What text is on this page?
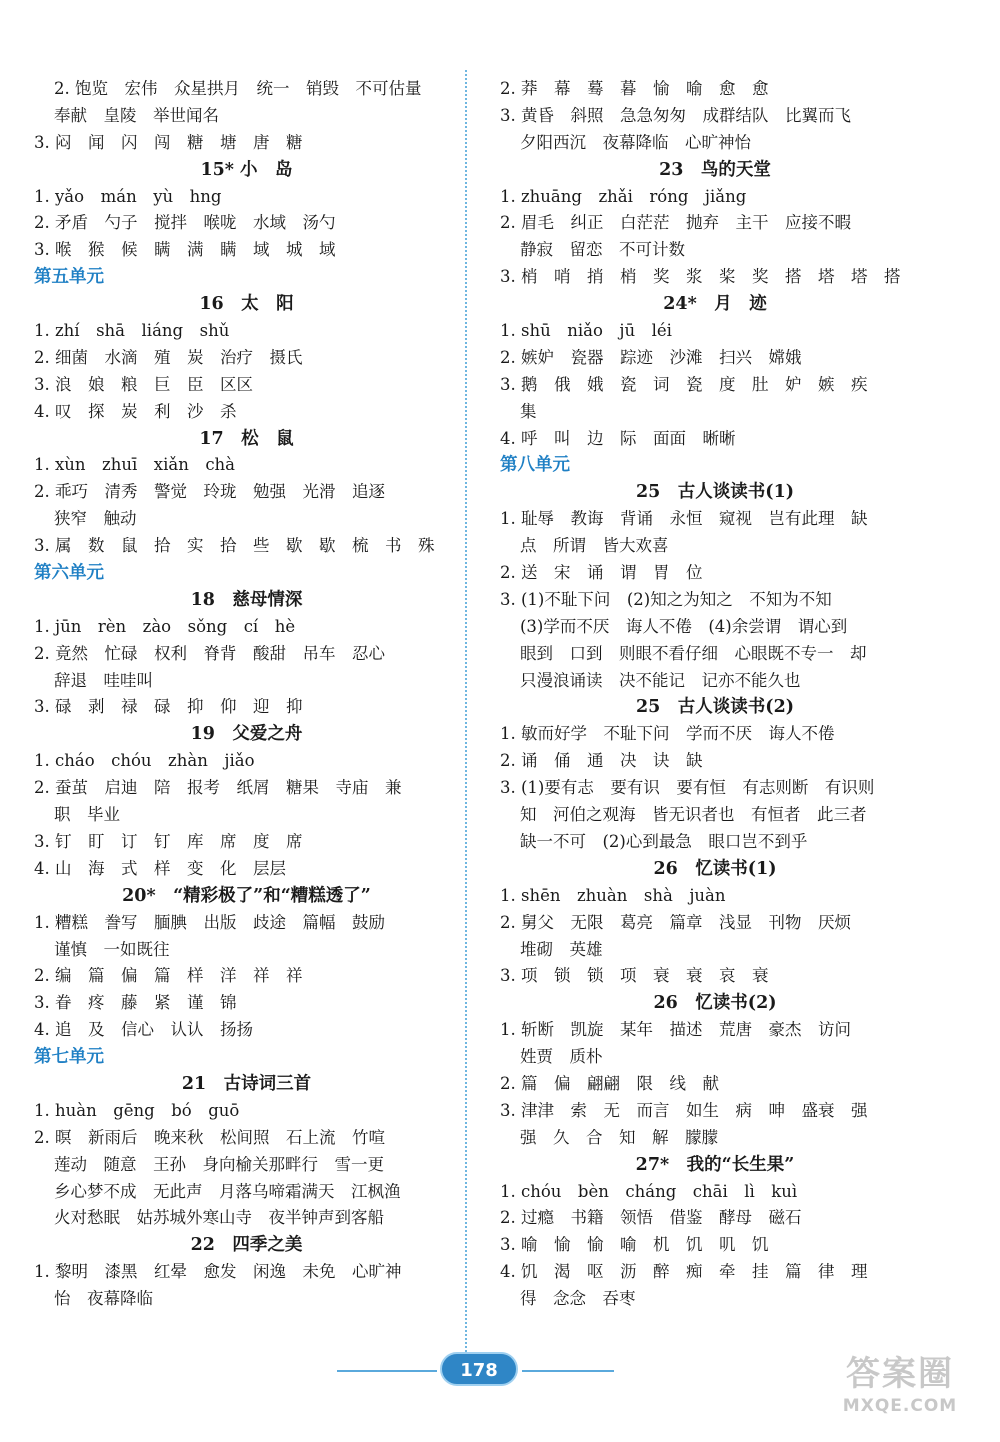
2. 饱览　宏伟　众星拱月　统一　销毁　不可估量
奉献　皇陵　举世闻名
3. 闷　闻　闪　闯　糖　塘　唐　糖
15* 小　岛
1. yǎo　mán　yù　hng
2. 矛盾　勺子　搅拌　喉咙　水域　汤勺
3. 喉　猴　候　瞒　满　瞒　域　城　域
第五单元
16　太　阳
1. zhí　shā　liáng　shǔ
2. 细菌　水滴　殖　炭　治疗　摄氏
3. 浪　娘　粮　巨　臣　区区
4. 叹　探　炭　利　沙　杀
17　松　鼠
1. xùn　zhuī　xiǎn　chà
2. 乖巧　清秀　警觉　玲珑　勉强　光滑　追逐
狭窄　触动
3. 属　数　鼠　拾　实　拾　些　歇　歇　梳　书　殊
第六单元
18　慈母情深
1. jūn　rèn　zào　sǒng　cí　hè
2. 竟然　忙碌　权利　脊背　酸甜　吊车　忍心
辞退　哇哇叫
3. 碌　剥　禄　碌　抑　仰　迎　抑
19　父爱之舟
1. cháo　chóu　zhàn　jiǎo
2. 蚕茧　启迪　陪　报考　纸屑　糖果　寺庙　兼
职　毕业
3. 钉　盯　订　钉　库　席　度　席
4. 山　海　式　样　变　化　层层
20*　“精彩极了”和“糟糕透了”
1. 糟糕　誊写　腼腆　出版　歧途　篇幅　鼓励
谨慎　一如既往
2. 编　篇　偏　篇　样　洋　祥　祥
3. 眷　疼　藤　紧　谨　锦
4. 追　及　信心　认认　扬扬
第七单元
21　古诗词三首
1. huàn　gēng　bó　guō
2. 暝　新雨后　晚来秋　松间照　石上流　竹喧
莲动　随意　王孙　身向榆关那畔行　雪一更
乡心梦不成　无此声　月落乌啼霜满天　江枫渔
火对愁眠　姑苏城外寒山寺　夜半钟声到客船
22　四季之美
1. 黎明　漆黑　红晕　愈发　闲逸　未免　心旷神
怡　夜幕降临
2. 莽　幕　蓦　暮　愉　喻　愈　愈
3. 黄昏　斜照　急急匆匆　成群结队　比翼而飞
夕阳西沉　夜幕降临　心旷神怡
23　鸟的天堂
1. zhuāng　zhǎi　róng　jiǎng
2. 眉毛　纠正　白茫茫　抛弃　主干　应接不暇
静寂　留恋　不可计数
3. 梢　哨　捎　梢　奖　浆　桨　奖　搭　塔　塔　搭
24*　月　迹
1. shū　niǎo　jū　léi
2. 嫉妒　瓷器　踪迹　沙滩　扫兴　嫦娥
3. 鹅　俄　娥　瓷　词　瓷　度　肚　妒　嫉　疾
集
4. 呼　叫　边　际　面面　晰晰
第八单元
25　古人谈读书(1)
1. 耻辱　教诲　背诵　永恒　窥视　岂有此理　缺
点　所谓　皆大欢喜
2. 送　宋　诵　谓　胃　位
3. (1)不耻下问　(2)知之为知之　不知为不知
(3)学而不厌　诲人不倦　(4)余尝谓　谓心到
眼到　口到　则眼不看仔细　心眼既不专一　却
只漫浪诵读　决不能记　记亦不能久也
25　古人谈读书(2)
1. 敏而好学　不耻下问　学而不厌　诲人不倦
2. 诵　俑　通　决　诀　缺
3. (1)要有志　要有识　要有恒　有志则断　有识则
知　河伯之观海　皆无识者也　有恒者　此三者
缺一不可　(2)心到最急　眼口岂不到乎
26　忆读书(1)
1. shēn　zhuàn　shà　juàn
2. 舅父　无限　葛亮　篇章　浅显　刊物　厌烦
堆砌　英雄
3. 项　锁　锁　项　衰　衰　哀　衰
26　忆读书(2)
1. 斩断　凯旋　某年　描述　荒唐　豪杰　访问
姓贾　质朴
2. 篇　偏　翩翩　限　线　献
3. 津津　索　无　而言　如生　病　呻　盛衰　强
强　久　合　知　解　朦朦
27*　我的“长生果”
1. chóu　bèn　cháng　chāi　lì　kuì
2. 过瘾　书籍　领悟　借鉴　酵母　磁石
3. 喻　愉　愉　喻　机　饥　叽　饥
4. 饥　渴　呕　沥　醉　痴　牵　挂　篇　律　理
得　念念　吞枣
178	答案圈
MXQE.COM
